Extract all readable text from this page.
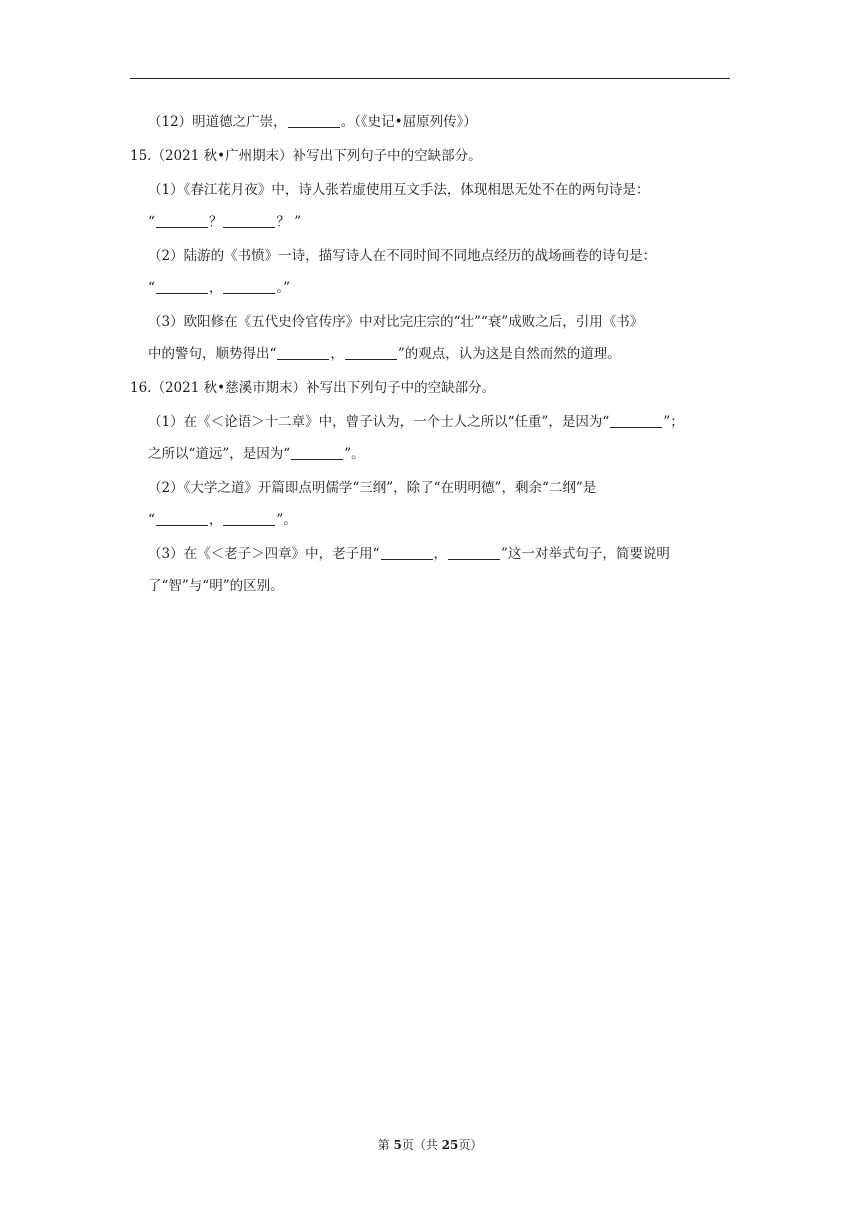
（12）明道德之广崇，	。（《史记•屈原列传》）
15.（2021 秋•广州期末）补写出下列句子中的空缺部分。
（1）《春江花月夜》中，诗人张若虚使用互文手法，体现相思无处不在的两句诗是：
“	？	？ ”
（2）陆游的《书愤》一诗，描写诗人在不同时间不同地点经历的战场画卷的诗句是：
“	，	。”
（3）欧阳修在《五代史伶官传序》中对比完庄宗的“壮”“衰”成败之后，引用《书》
中的警句，顺势得出“	，	”的观点，认为这是自然而然的道理。
16.（2021 秋•慈溪市期末）补写出下列句子中的空缺部分。
（1）在《＜论语＞十二章》中，曾子认为，一个士人之所以“任重”，是因为“	”；
之所以“道远”，是因为“	”。
（2）《大学之道》开篇即点明儒学“三纲”，除了“在明明德”，剩余“二纲”是
“	，	”。
（3）在《＜老子＞四章》中，老子用“	，	”这一对举式句子，简要说明
了“智”与“明”的区别。
第 5页（共 25页）
